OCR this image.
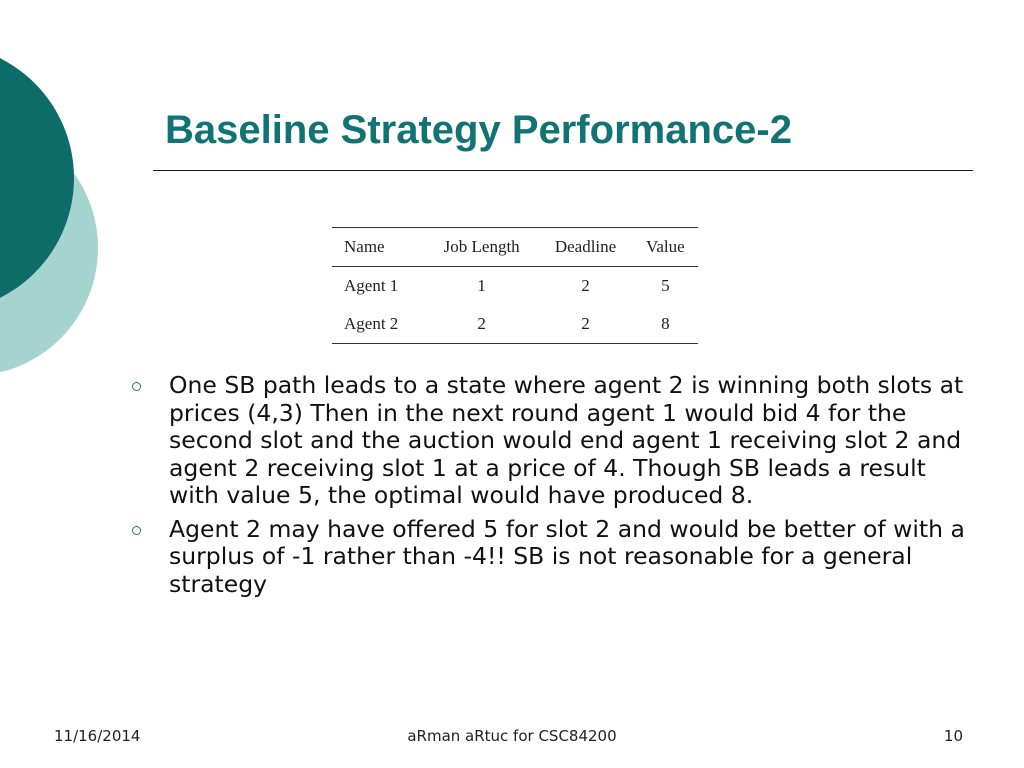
Baseline Strategy Performance-2
Name	Job Length	Deadline	Value
Agent 1	1	2	5
Agent 2	2	2	8
One SB path leads to a state where agent 2 is winning both slots at prices (4,3) Then in the next round agent 1 would bid 4 for the second slot and the auction would end agent 1 receiving slot 2 and agent 2 receiving slot 1 at a price of 4. Though SB leads a result with value 5, the optimal would have produced 8.
Agent 2 may have offered 5 for slot 2 and would be better of with a surplus of -1 rather than -4!! SB is not reasonable for a general strategy
11/16/2014	aRman aRtuc for CSC84200	10
